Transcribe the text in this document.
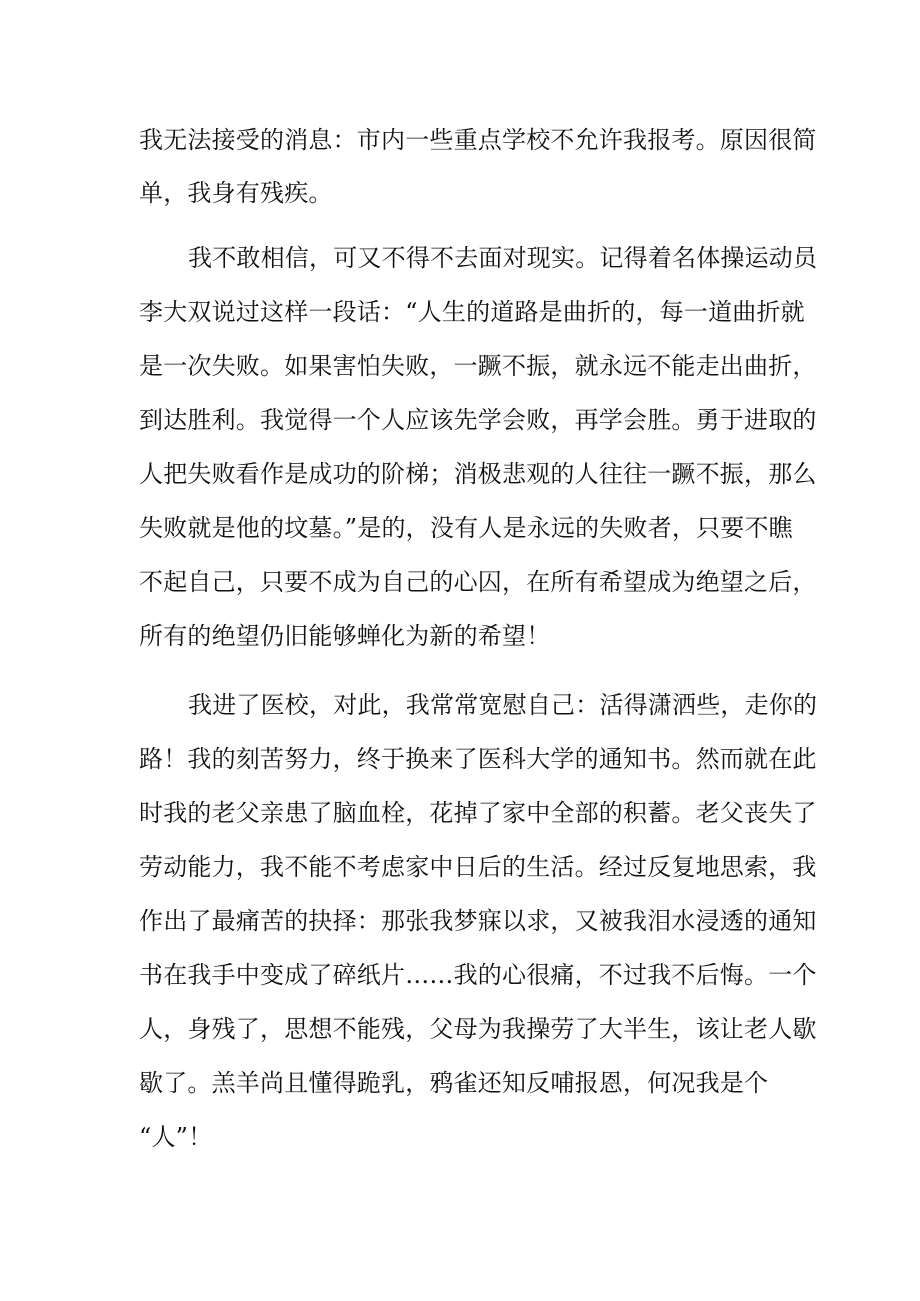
我无法接受的消息：市内一些重点学校不允许我报考。原因很简
单，我身有残疾。
我不敢相信，可又不得不去面对现实。记得着名体操运动员
李大双说过这样一段话：“人生的道路是曲折的，每一道曲折就
是一次失败。如果害怕失败，一蹶不振，就永远不能走出曲折，
到达胜利。我觉得一个人应该先学会败，再学会胜。勇于进取的
人把失败看作是成功的阶梯；消极悲观的人往往一蹶不振，那么
失败就是他的坟墓。”是的，没有人是永远的失败者，只要不瞧
不起自己，只要不成为自己的心囚，在所有希望成为绝望之后，
所有的绝望仍旧能够蝉化为新的希望！
我进了医校，对此，我常常宽慰自己：活得潇洒些，走你的
路！我的刻苦努力，终于换来了医科大学的通知书。然而就在此
时我的老父亲患了脑血栓，花掉了家中全部的积蓄。老父丧失了
劳动能力，我不能不考虑家中日后的生活。经过反复地思索，我
作出了最痛苦的抉择：那张我梦寐以求，又被我泪水浸透的通知
书在我手中变成了碎纸片……我的心很痛，不过我不后悔。一个
人，身残了，思想不能残，父母为我操劳了大半生，该让老人歇
歇了。羔羊尚且懂得跪乳，鸦雀还知反哺报恩，何况我是个
“人”！
